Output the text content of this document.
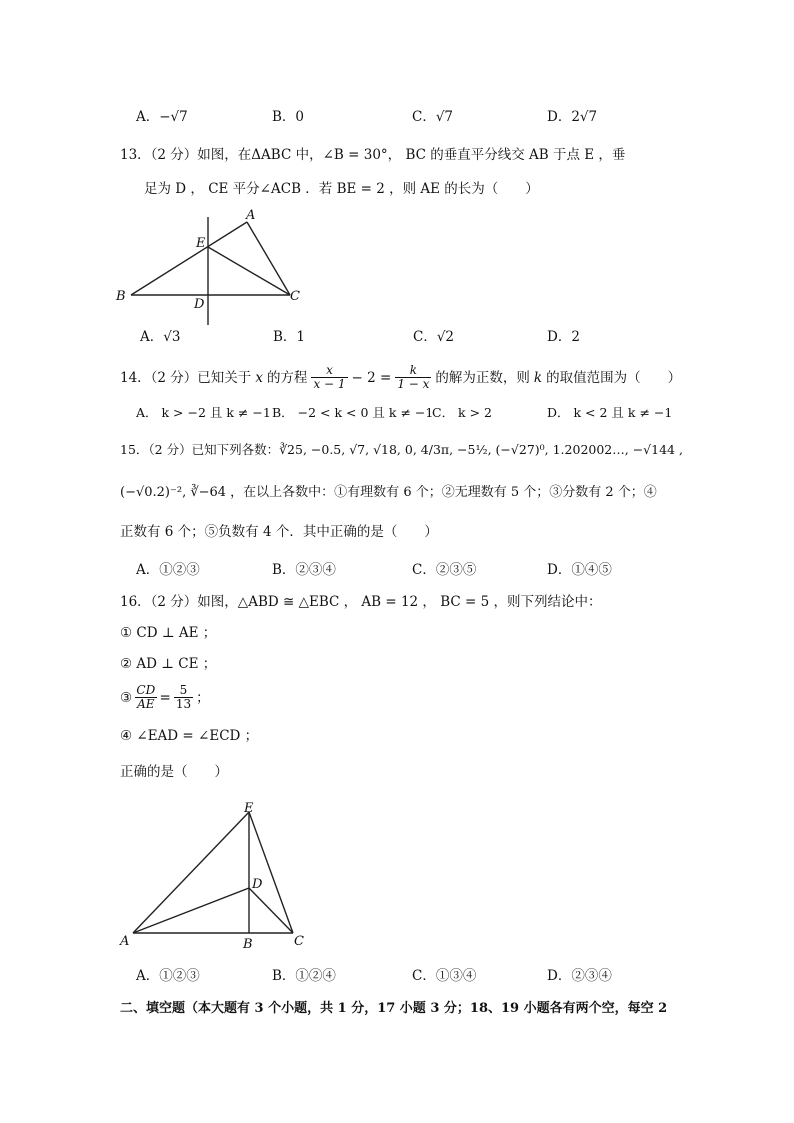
A．−√7	B．0	C．√7	D．2√7
13．（2 分）如图，在ΔABC 中，∠B = 30°， BC 的垂直平分线交 AB 于点 E ，垂
足为 D ， CE 平分∠ACB ．若 BE = 2 ，则 AE 的长为（　　）
A
E
B
D
C
A．√3	B．1	C．√2	D．2
14．（2 分）已知关于 x 的方程 $\frac{x}{x - 1} - 2 = \frac{k}{1 - x}$ 的解为正数，则 k 的取值范围为（　　）
A． k > −2 且 k ≠ −1 B． −2 < k < 0 且 k ≠ −1
C． k > 2	D． k < 2 且 k ≠ −1
15．（2 分）已知下列各数：∛25, −0.5, √7, √18, 0, 4/3π, −5½, (−√27)⁰, 1.202002…, −√144 ,
(−√0.2)⁻², ∛−64 ，在以上各数中：①有理数有 6 个；②无理数有 5 个；③分数有 2 个；④
正数有 6 个；⑤负数有 4 个．其中正确的是（　　）
A．①②③	B．②③④	C．②③⑤	D．①④⑤
16．（2 分）如图，△ABD ≅ △EBC ， AB = 12 ， BC = 5 ，则下列结论中：
① CD ⊥ AE ；
② AD ⊥ CE ；
③ $\frac{CD}{AE} = \frac{5}{13}$ ；
④ ∠EAD = ∠ECD ；
正确的是（　　）
E
D
A	B	C
A．①②③	B．①②④	C．①③④	D．②③④
二、填空题（本大题有 3 个小题，共 1 分，17 小题 3 分；18、19 小题各有两个空，每空 2
